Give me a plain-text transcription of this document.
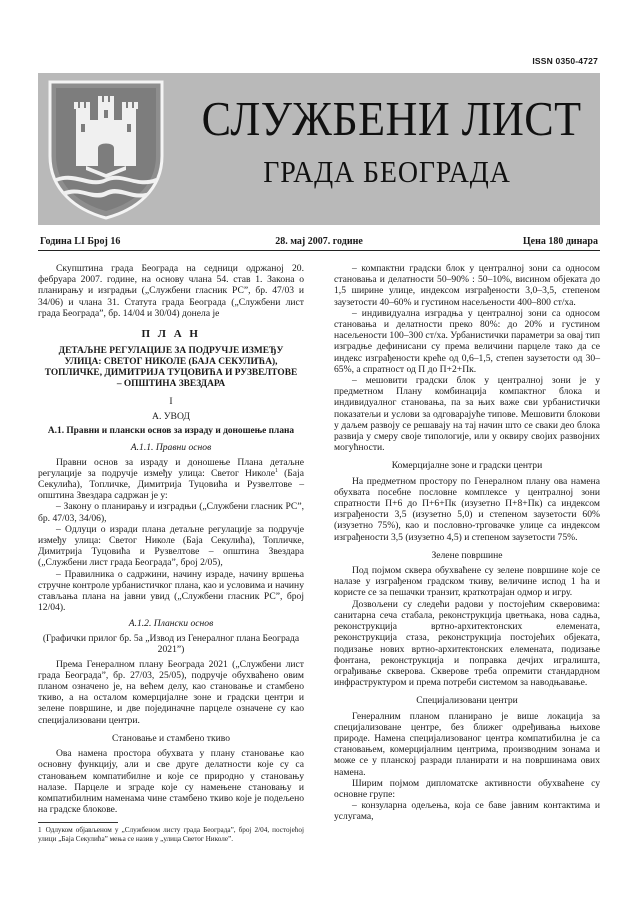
ISSN 0350-4727
СЛУЖБЕНИ ЛИСТ
ГРАДА БЕОГРАДА
28. мај 2007. године
Година LI Број 16	Цена 180 динара

Скупштина града Београда на седници одржаној 20. фебруара 2007. године, на основу члана 54. став 1. Закона о планирању и изградњи („Службени гласник РС”, бр. 47/03 и 34/06) и члана 31. Статута града Београда („Службени лист града Београда”, бр. 14/04 и 30/04) донела је

П Л А Н
ДЕТАЉНЕ РЕГУЛАЦИЈЕ ЗА ПОДРУЧЈЕ ИЗМЕЂУ УЛИЦА: СВЕТОГ НИКОЛЕ (БАЈА СЕКУЛИЋА), ТОПЛИЧКЕ, ДИМИТРИЈА ТУЦОВИЋА И РУЗВЕЛТОВЕ – ОПШТИНА ЗВЕЗДАРА
I
А. УВОД
А.1. Правни и плански основ за израду и доношење плана
А.1.1. Правни основ

Правни основ за израду и доношење Плана детaљне регулације за подручје између улица: Светог Николе$^1$ (Баја Секулића), Топличке, Димитрија Туцовића и Рузвелтове – општина Звездара садржан је у:

– Закону о планирању и изградњи („Службени гласник РС”, бр. 47/03, 34/06),

– Одлуци о изради плана детаљне регулације за подручје између улица: Светог Николе (Баја Секулића), Топличке, Димитрија Туцовића и Рузвелтове – општина Звездара („Службени лист града Београда”, број 2/05),

– Правилника о садржини, начину израде, начину вршења стручне контроле урбанистичког плана, као и условима и начину стављања плана на јавни увид („Службени гласник РС”, број 12/04).

А.1.2. Плански основ
(Графички прилог бр. 5a „Извод из Генералног плана Београда 2021”)

Према Генералном плану Београда 2021 („Службени лист града Београда”, бр. 27/03, 25/05), подручје обухваћено овим планом означено је, на већем делу, као становање и стамбено ткиво, а на осталом комерцијалне зоне и градски центри и зелене површине, и две појединачне парцеле означене су као специјализовани центри.

Становање и стамбено ткиво

Ова намена простора обухвата у плану становање као основну функцију, али и све друге делатности које су са становањем компатибилне и које се природно у становању налазе. Парцеле и зграде које су намењене становању и компатибилним наменама чине стамбено ткиво које је подељено на градске блокове.

1 Одлуком објављеном у „Службеном листу града Београда”, број 2/04, постојећој улици „Баја Секулића” мења се назив у „улица Светог Николе”.

– компактни градски блок у централној зони са односом становања и делатности 50–90% : 50–10%, висином објеката до 1,5 ширине улице, индексом изграђености 3,0–3,5, степеном заузетости 40–60% и густином насељености 400–800 ст/ха.

– индивидуална изградња у централној зони са односом становања и делатности преко 80%: до 20% и густином насељености 100–300 ст/ха. Урбанистички параметри за овај тип изградње дефинисани су према величини парцеле тако да се индекс изграђености креће од 0,6–1,5, степен заузетости од 30–65%, а спратност од П до П+2+Пк.

– мешовити градски блок у централној зони је у предметном Плану комбинација компактног блока и индивидуалног становања, па за њих важе сви урбанистички показатељи и услови за одговарајуће типове. Мешовити блокови у даљем развоју се решавају на тај начин што се сваки део блока развија у смеру своје типологије, или у оквиру својих развојних могућности.

Комерцијалне зоне и градски центри

На предметном простору по Генералном плану ова намена обухвата посебне пословне комплексе у централној зони спратности П+6 до П+6+Пк (изузетно П+8+Пк) са индексом изграђености 3,5 (изузетно 5,0) и степеном заузетости 60% (изузетно 75%), као и пословно-трговачке улице са индексом изграђености 3,5 (изузетно 4,5) и степеном заузетости 75%.

Зелене површине

Под појмом сквера обухваћене су зелене површине које се налазе у изграђеном градском ткиву, величине испод 1 ha и користе се за пешачки транзит, краткотрајан одмор и игру.

Дозвољени су следећи радови у постојећим скверовима: санитарна сеча стабала, реконструкција цветњака, нова садња, реконструкција вртно-архитектонских елемената, реконструкција стаза, реконструкција постојећих објеката, подизање нових вртно-архитектонских елемената, подизање фонтана, реконструкција и поправка дечјих игралишта, ограђивање скверова. Скверове треба опремити стандардном инфраструктуром и према потреби системом за наводњавање.

Специјализовани центри

Генералним планом планирано је више локација за специјализоване центре, без ближег одређивања њихове природе. Намена специјализованог центра компатибилна је са становањем, комерцијалним центрима, производним зонама и може се у планској разради планирати и на површинама ових намена.

Ширим појмом дипломатске активности обухваћене су основне групе:

– конзуларна одељења, која се баве јавним контактима и услугама,
